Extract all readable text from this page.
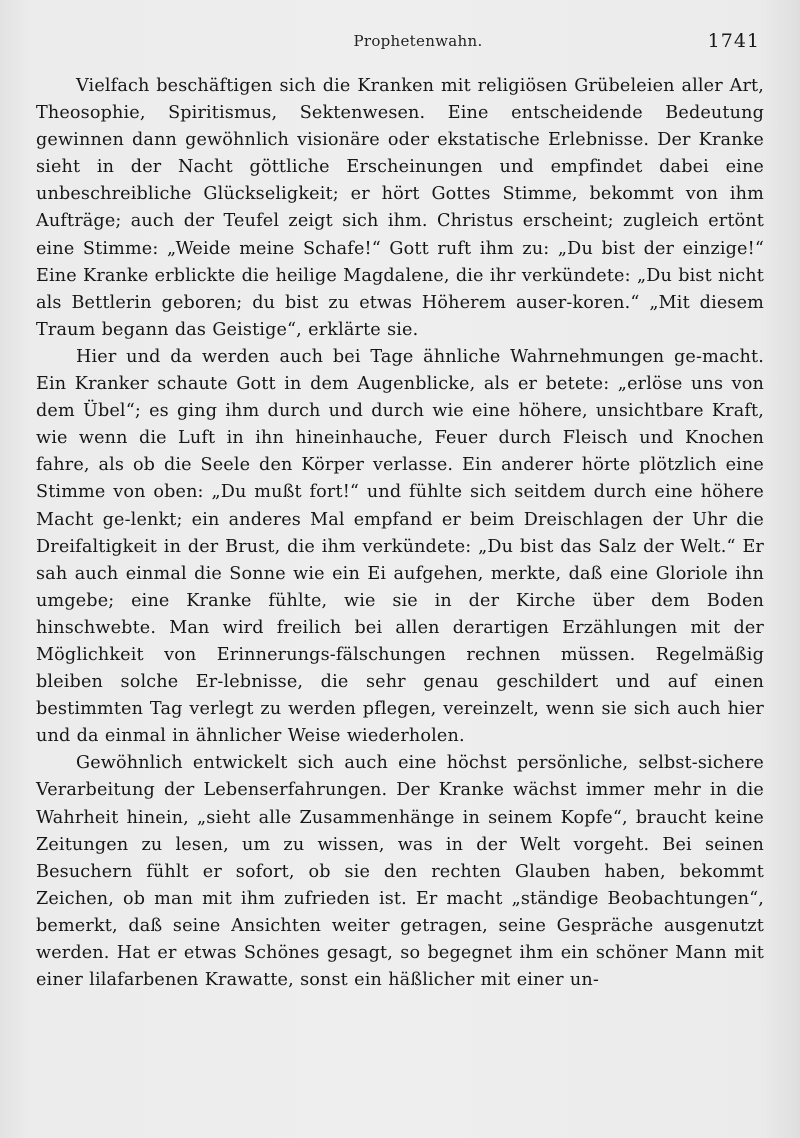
Prophetenwahn.	1741

Vielfach beschäftigen sich die Kranken mit religiösen Grübeleien aller Art, Theosophie, Spiritismus, Sektenwesen. Eine entscheidende Bedeutung gewinnen dann gewöhnlich visionäre oder ekstatische Erlebnisse. Der Kranke sieht in der Nacht göttliche Erscheinungen und empfindet dabei eine unbeschreibliche Glückseligkeit; er hört Gottes Stimme, bekommt von ihm Aufträge; auch der Teufel zeigt sich ihm. Christus erscheint; zugleich ertönt eine Stimme: „Weide meine Schafe!“ Gott ruft ihm zu: „Du bist der einzige!“ Eine Kranke erblickte die heilige Magdalene, die ihr verkündete: „Du bist nicht als Bettlerin geboren; du bist zu etwas Höherem auser-koren.“ „Mit diesem Traum begann das Geistige“, erklärte sie.

Hier und da werden auch bei Tage ähnliche Wahrnehmungen ge-macht. Ein Kranker schaute Gott in dem Augenblicke, als er betete: „erlöse uns von dem Übel“; es ging ihm durch und durch wie eine höhere, unsichtbare Kraft, wie wenn die Luft in ihn hineinhauche, Feuer durch Fleisch und Knochen fahre, als ob die Seele den Körper verlasse. Ein anderer hörte plötzlich eine Stimme von oben: „Du mußt fort!“ und fühlte sich seitdem durch eine höhere Macht ge-lenkt; ein anderes Mal empfand er beim Dreischlagen der Uhr die Dreifaltigkeit in der Brust, die ihm verkündete: „Du bist das Salz der Welt.“ Er sah auch einmal die Sonne wie ein Ei aufgehen, merkte, daß eine Gloriole ihn umgebe; eine Kranke fühlte, wie sie in der Kirche über dem Boden hinschwebte. Man wird freilich bei allen derartigen Erzählungen mit der Möglichkeit von Erinnerungs-fälschungen rechnen müssen. Regelmäßig bleiben solche Er-lebnisse, die sehr genau geschildert und auf einen bestimmten Tag verlegt zu werden pflegen, vereinzelt, wenn sie sich auch hier und da einmal in ähnlicher Weise wiederholen.

Gewöhnlich entwickelt sich auch eine höchst persönliche, selbst-sichere Verarbeitung der Lebenserfahrungen. Der Kranke wächst immer mehr in die Wahrheit hinein, „sieht alle Zusammenhänge in seinem Kopfe“, braucht keine Zeitungen zu lesen, um zu wissen, was in der Welt vorgeht. Bei seinen Besuchern fühlt er sofort, ob sie den rechten Glauben haben, bekommt Zeichen, ob man mit ihm zufrieden ist. Er macht „ständige Beobachtungen“, bemerkt, daß seine Ansichten weiter getragen, seine Gespräche ausgenutzt werden. Hat er etwas Schönes gesagt, so begegnet ihm ein schöner Mann mit einer lilafarbenen Krawatte, sonst ein häßlicher mit einer un-
